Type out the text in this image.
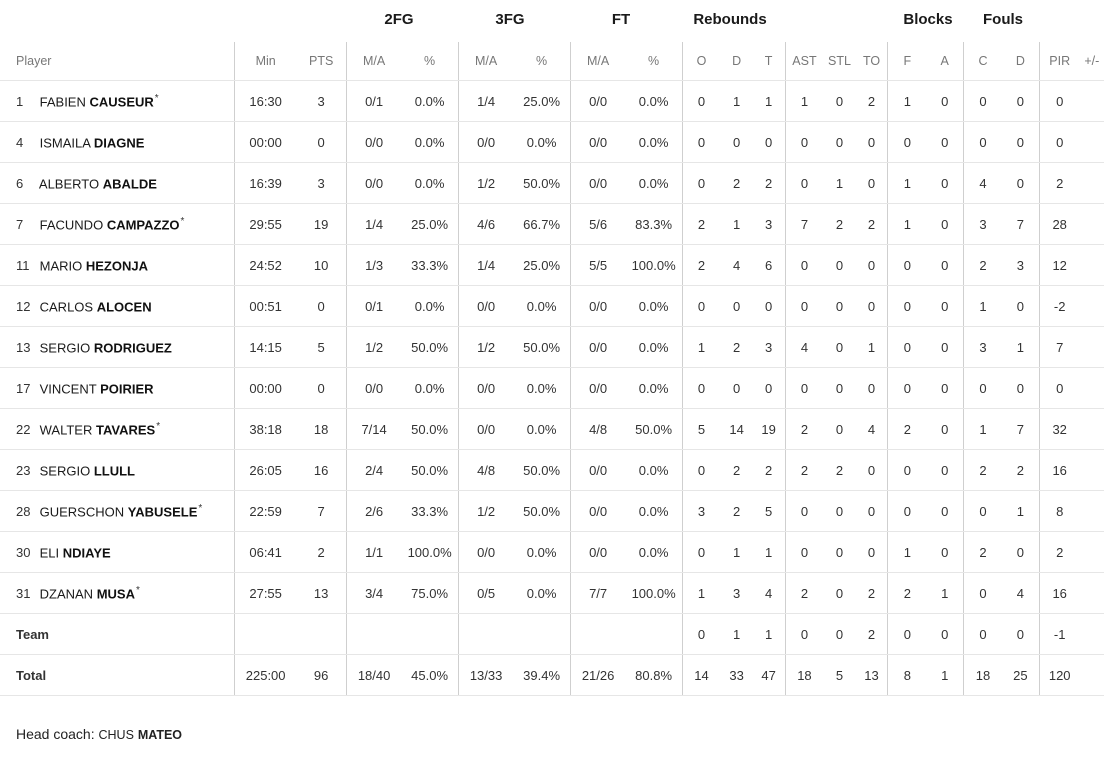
2FG	3FG	FT	Rebounds	Blocks Fouls
Player	Min	PTS	M/A	%	M/A	%	M/A	%	O	D	T	AST	STL	TO	F	A	C	D	PIR	+/-
1 FABIEN CAUSEUR*	16:30	3	0/1	0.0%	1/4	25.0%	0/0	0.0%	0	1	1	1	0	2	1	0	0	0	0	
4 ISMAILA DIAGNE	00:00	0	0/0	0.0%	0/0	0.0%	0/0	0.0%	0	0	0	0	0	0	0	0	0	0	0	
6 ALBERTO ABALDE	16:39	3	0/0	0.0%	1/2	50.0%	0/0	0.0%	0	2	2	0	1	0	1	0	4	0	2	
7 FACUNDO CAMPAZZO*	29:55	19	1/4	25.0%	4/6	66.7%	5/6	83.3%	2	1	3	7	2	2	1	0	3	7	28	
11 MARIO HEZONJA	24:52	10	1/3	33.3%	1/4	25.0%	5/5	100.0%	2	4	6	0	0	0	0	0	2	3	12	
12 CARLOS ALOCEN	00:51	0	0/1	0.0%	0/0	0.0%	0/0	0.0%	0	0	0	0	0	0	0	0	1	0	-2	
13 SERGIO RODRIGUEZ	14:15	5	1/2	50.0%	1/2	50.0%	0/0	0.0%	1	2	3	4	0	1	0	0	3	1	7	
17 VINCENT POIRIER	00:00	0	0/0	0.0%	0/0	0.0%	0/0	0.0%	0	0	0	0	0	0	0	0	0	0	0	
22 WALTER TAVARES*	38:18	18	7/14	50.0%	0/0	0.0%	4/8	50.0%	5	14	19	2	0	4	2	0	1	7	32	
23 SERGIO LLULL	26:05	16	2/4	50.0%	4/8	50.0%	0/0	0.0%	0	2	2	2	2	0	0	0	2	2	16	
28 GUERSCHON YABUSELE*	22:59	7	2/6	33.3%	1/2	50.0%	0/0	0.0%	3	2	5	0	0	0	0	0	0	1	8	
30 ELI NDIAYE	06:41	2	1/1	100.0%	0/0	0.0%	0/0	0.0%	0	1	1	0	0	0	1	0	2	0	2	
31 DZANAN MUSA*	27:55	13	3/4	75.0%	0/5	0.0%	7/7	100.0%	1	3	4	2	0	2	2	1	0	4	16	
Team									0	1	1	0	0	2	0	0	0	0	-1	
Total	225:00	96	18/40	45.0%	13/33	39.4%	21/26	80.8%	14	33	47	18	5	13	8	1	18	25	120	
Head coach: CHUS MATEO
